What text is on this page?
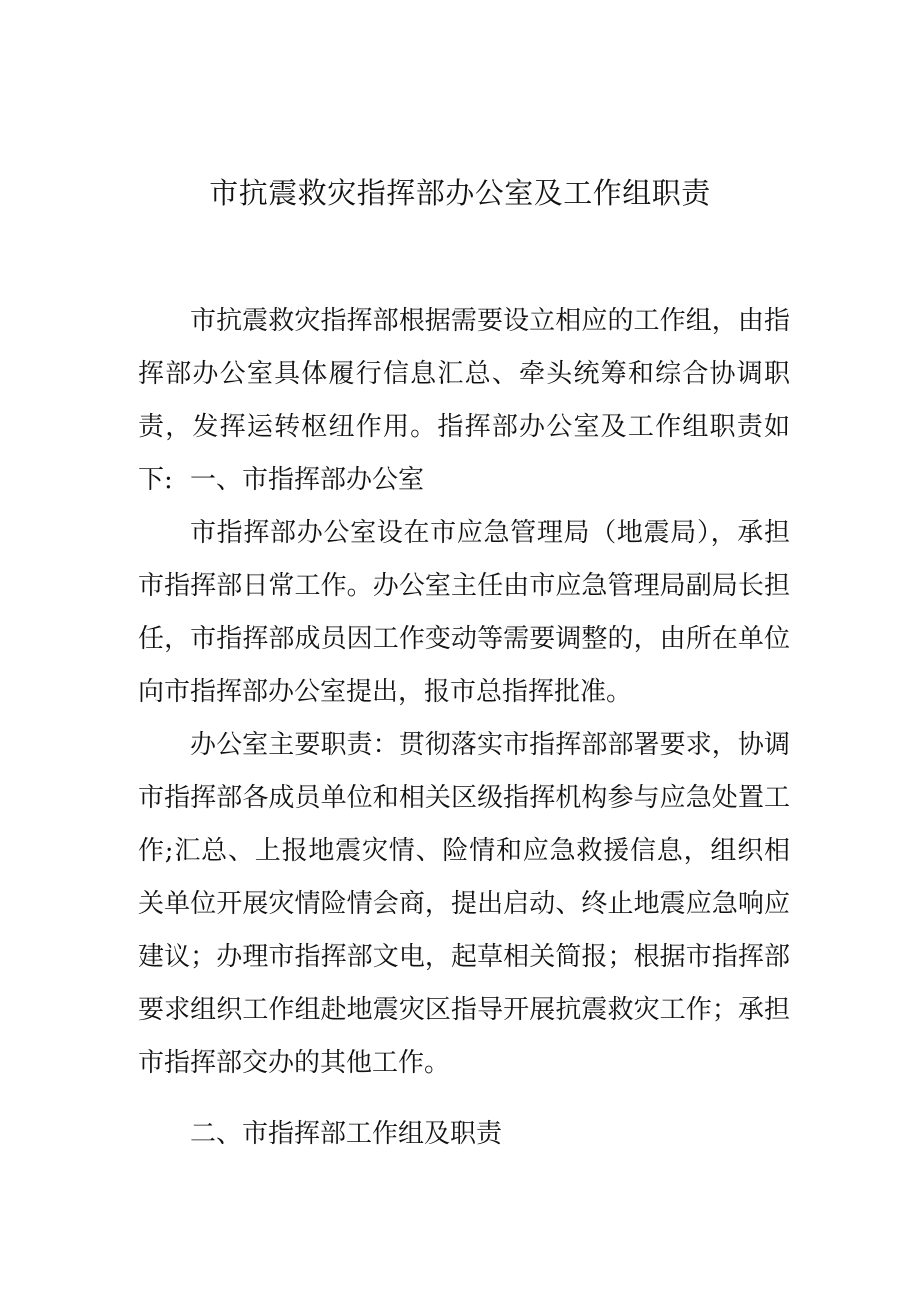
市抗震救灾指挥部办公室及工作组职责

市抗震救灾指挥部根据需要设立相应的工作组，由指挥部办公室具体履行信息汇总、牵头统筹和综合协调职责，发挥运转枢纽作用。指挥部办公室及工作组职责如下: 一、市指挥部办公室

市指挥部办公室设在市应急管理局（地震局），承担市指挥部日常工作。办公室主任由市应急管理局副局长担任，市指挥部成员因工作变动等需要调整的，由所在单位向市指挥部办公室提出，报市总指挥批准。

办公室主要职责：贯彻落实市指挥部部署要求，协调市指挥部各成员单位和相关区级指挥机构参与应急处置工作;汇总、上报地震灾情、险情和应急救援信息，组织相关单位开展灾情险情会商，提出启动、终止地震应急响应建议；办理市指挥部文电，起草相关简报；根据市指挥部要求组织工作组赴地震灾区指导开展抗震救灾工作；承担市指挥部交办的其他工作。

二、市指挥部工作组及职责
